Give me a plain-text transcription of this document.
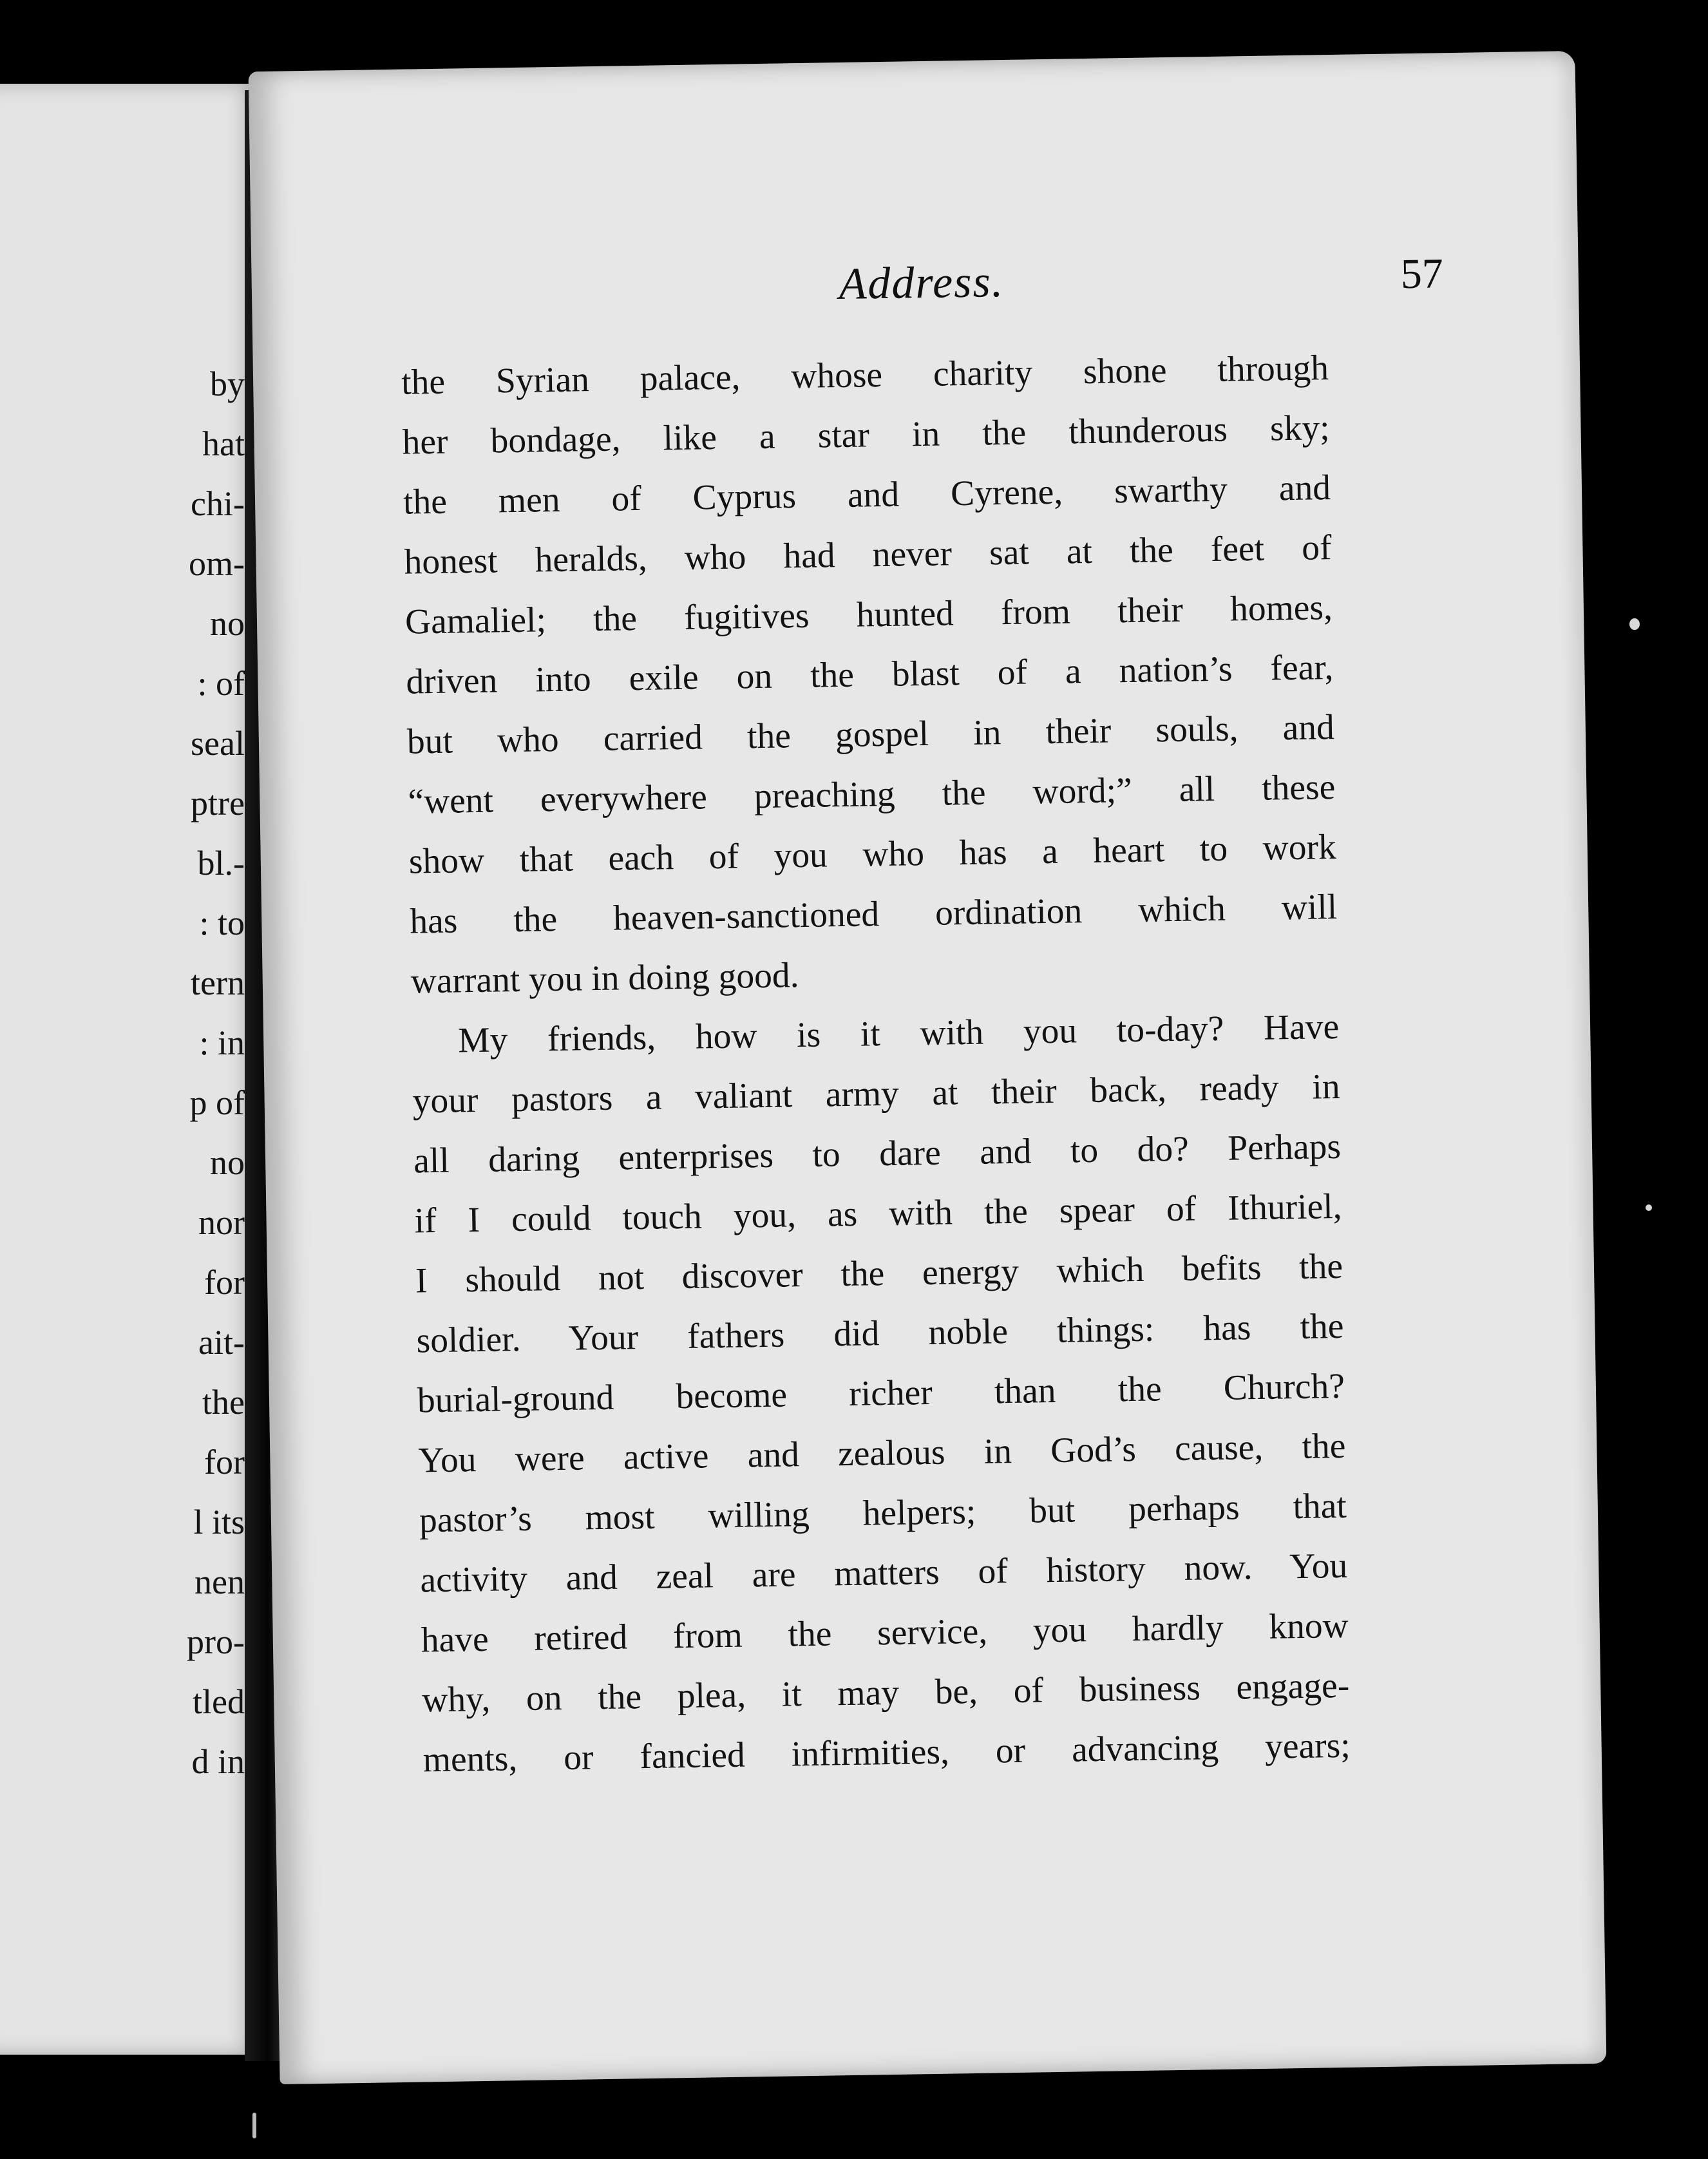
by
hat
chi-
om-
no
: of
seal
ptre
bl.-
: to
tern
: in
p of
no
nor
for
ait-
the
for
l its
nen
pro-
tled
d in
Address.	57
the Syrian palace, whose charity shone through
her bondage, like a star in the thunderous sky;
the men of Cyprus and Cyrene, swarthy and
honest heralds, who had never sat at the feet of
Gamaliel; the fugitives hunted from their homes,
driven into exile on the blast of a nation’s fear,
but who carried the gospel in their souls, and
“went everywhere preaching the word;” all these
show that each of you who has a heart to work
has the heaven-sanctioned ordination which will
warrant you in doing good.
My friends, how is it with you to-day? Have
your pastors a valiant army at their back, ready in
all daring enterprises to dare and to do? Perhaps
if I could touch you, as with the spear of Ithuriel,
I should not discover the energy which befits the
soldier. Your fathers did noble things: has the
burial-ground become richer than the Church?
You were active and zealous in God’s cause, the
pastor’s most willing helpers; but perhaps that
activity and zeal are matters of history now. You
have retired from the service, you hardly know
why, on the plea, it may be, of business engage-
ments, or fancied infirmities, or advancing years;
